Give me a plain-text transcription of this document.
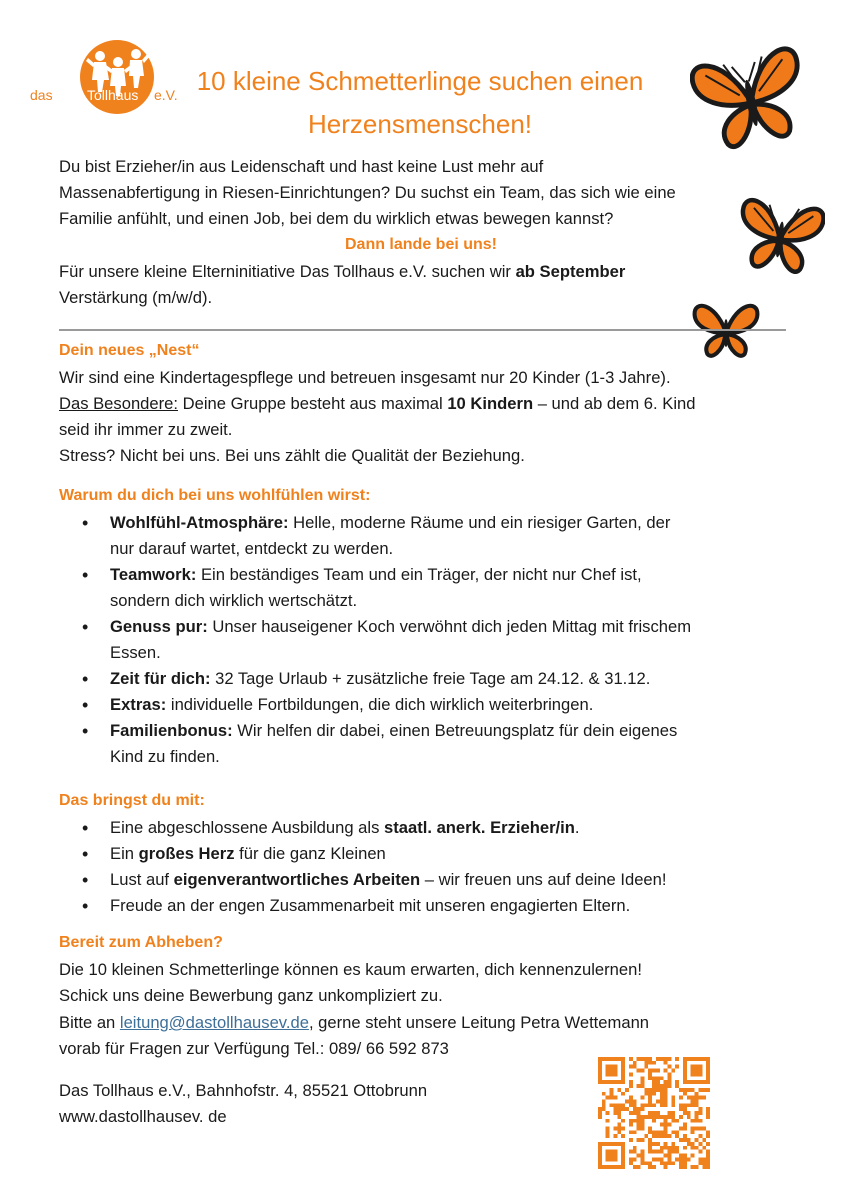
das Tollhaus e.V. 10 kleine Schmetterlinge suchen einen
Herzensmenschen!
Du bist Erzieher/in aus Leidenschaft und hast keine Lust mehr auf
Massenabfertigung in Riesen-Einrichtungen? Du suchst ein Team, das sich wie eine
Familie anfühlt, und einen Job, bei dem du wirklich etwas bewegen kannst?
Dann lande bei uns!
Für unsere kleine Elterninitiative Das Tollhaus e.V. suchen wir ab September
Verstärkung (m/w/d).
Dein neues „Nest“
Wir sind eine Kindertagespflege und betreuen insgesamt nur 20 Kinder (1-3 Jahre).
Das Besondere: Deine Gruppe besteht aus maximal 10 Kindern – und ab dem 6. Kind
seid ihr immer zu zweit.
Stress? Nicht bei uns. Bei uns zählt die Qualität der Beziehung.
Warum du dich bei uns wohlfühlen wirst:
• Wohlfühl-Atmosphäre: Helle, moderne Räume und ein riesiger Garten, der
nur darauf wartet, entdeckt zu werden.
• Teamwork: Ein beständiges Team und ein Träger, der nicht nur Chef ist,
sondern dich wirklich wertschätzt.
• Genuss pur: Unser hauseigener Koch verwöhnt dich jeden Mittag mit frischem
Essen.
• Zeit für dich: 32 Tage Urlaub + zusätzliche freie Tage am 24.12. & 31.12.
• Extras: individuelle Fortbildungen, die dich wirklich weiterbringen.
• Familienbonus: Wir helfen dir dabei, einen Betreuungsplatz für dein eigenes
Kind zu finden.
Das bringst du mit:
• Eine abgeschlossene Ausbildung als staatl. anerk. Erzieher/in.
• Ein großes Herz für die ganz Kleinen
• Lust auf eigenverantwortliches Arbeiten – wir freuen uns auf deine Ideen!
• Freude an der engen Zusammenarbeit mit unseren engagierten Eltern.
Bereit zum Abheben?
Die 10 kleinen Schmetterlinge können es kaum erwarten, dich kennenzulernen!
Schick uns deine Bewerbung ganz unkompliziert zu.
Bitte an leitung@dastollhausev.de, gerne steht unsere Leitung Petra Wettemann
vorab für Fragen zur Verfügung Tel.: 089/ 66 592 873
Das Tollhaus e.V., Bahnhofstr. 4, 85521 Ottobrunn
www.dastollhausev. de
